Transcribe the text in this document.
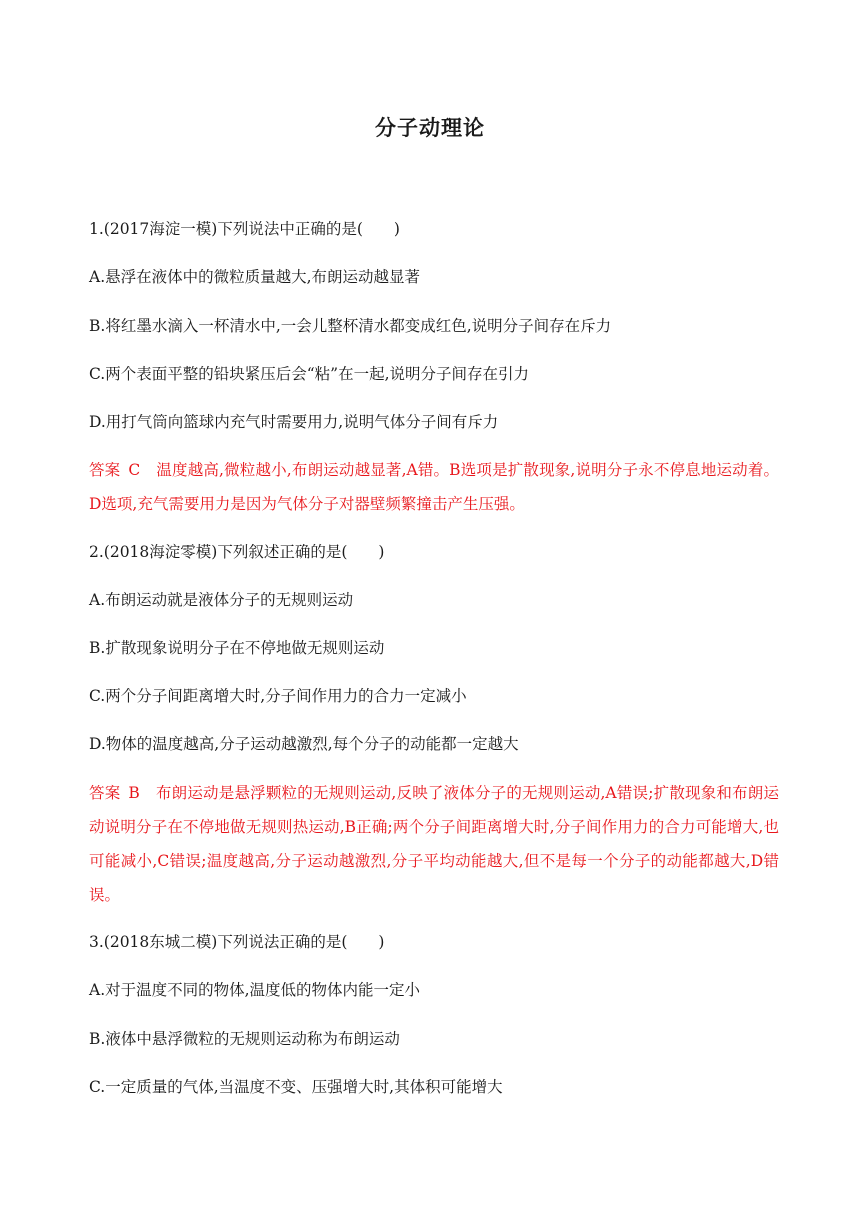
分子动理论
1.(2017海淀一模)下列说法中正确的是(　　)
A.悬浮在液体中的微粒质量越大,布朗运动越显著
B.将红墨水滴入一杯清水中,一会儿整杯清水都变成红色,说明分子间存在斥力
C.两个表面平整的铅块紧压后会“粘”在一起,说明分子间存在引力
D.用打气筒向篮球内充气时需要用力,说明气体分子间有斥力
答案 C 温度越高,微粒越小,布朗运动越显著,A错。B选项是扩散现象,说明分子永不停息地运动着。D选项,充气需要用力是因为气体分子对器壁频繁撞击产生压强。
2.(2018海淀零模)下列叙述正确的是(　　)
A.布朗运动就是液体分子的无规则运动
B.扩散现象说明分子在不停地做无规则运动
C.两个分子间距离增大时,分子间作用力的合力一定减小
D.物体的温度越高,分子运动越激烈,每个分子的动能都一定越大
答案 B 布朗运动是悬浮颗粒的无规则运动,反映了液体分子的无规则运动,A错误;扩散现象和布朗运动说明分子在不停地做无规则热运动,B正确;两个分子间距离增大时,分子间作用力的合力可能增大,也可能减小,C错误;温度越高,分子运动越激烈,分子平均动能越大,但不是每一个分子的动能都越大,D错误。
3.(2018东城二模)下列说法正确的是(　　)
A.对于温度不同的物体,温度低的物体内能一定小
B.液体中悬浮微粒的无规则运动称为布朗运动
C.一定质量的气体,当温度不变、压强增大时,其体积可能增大
